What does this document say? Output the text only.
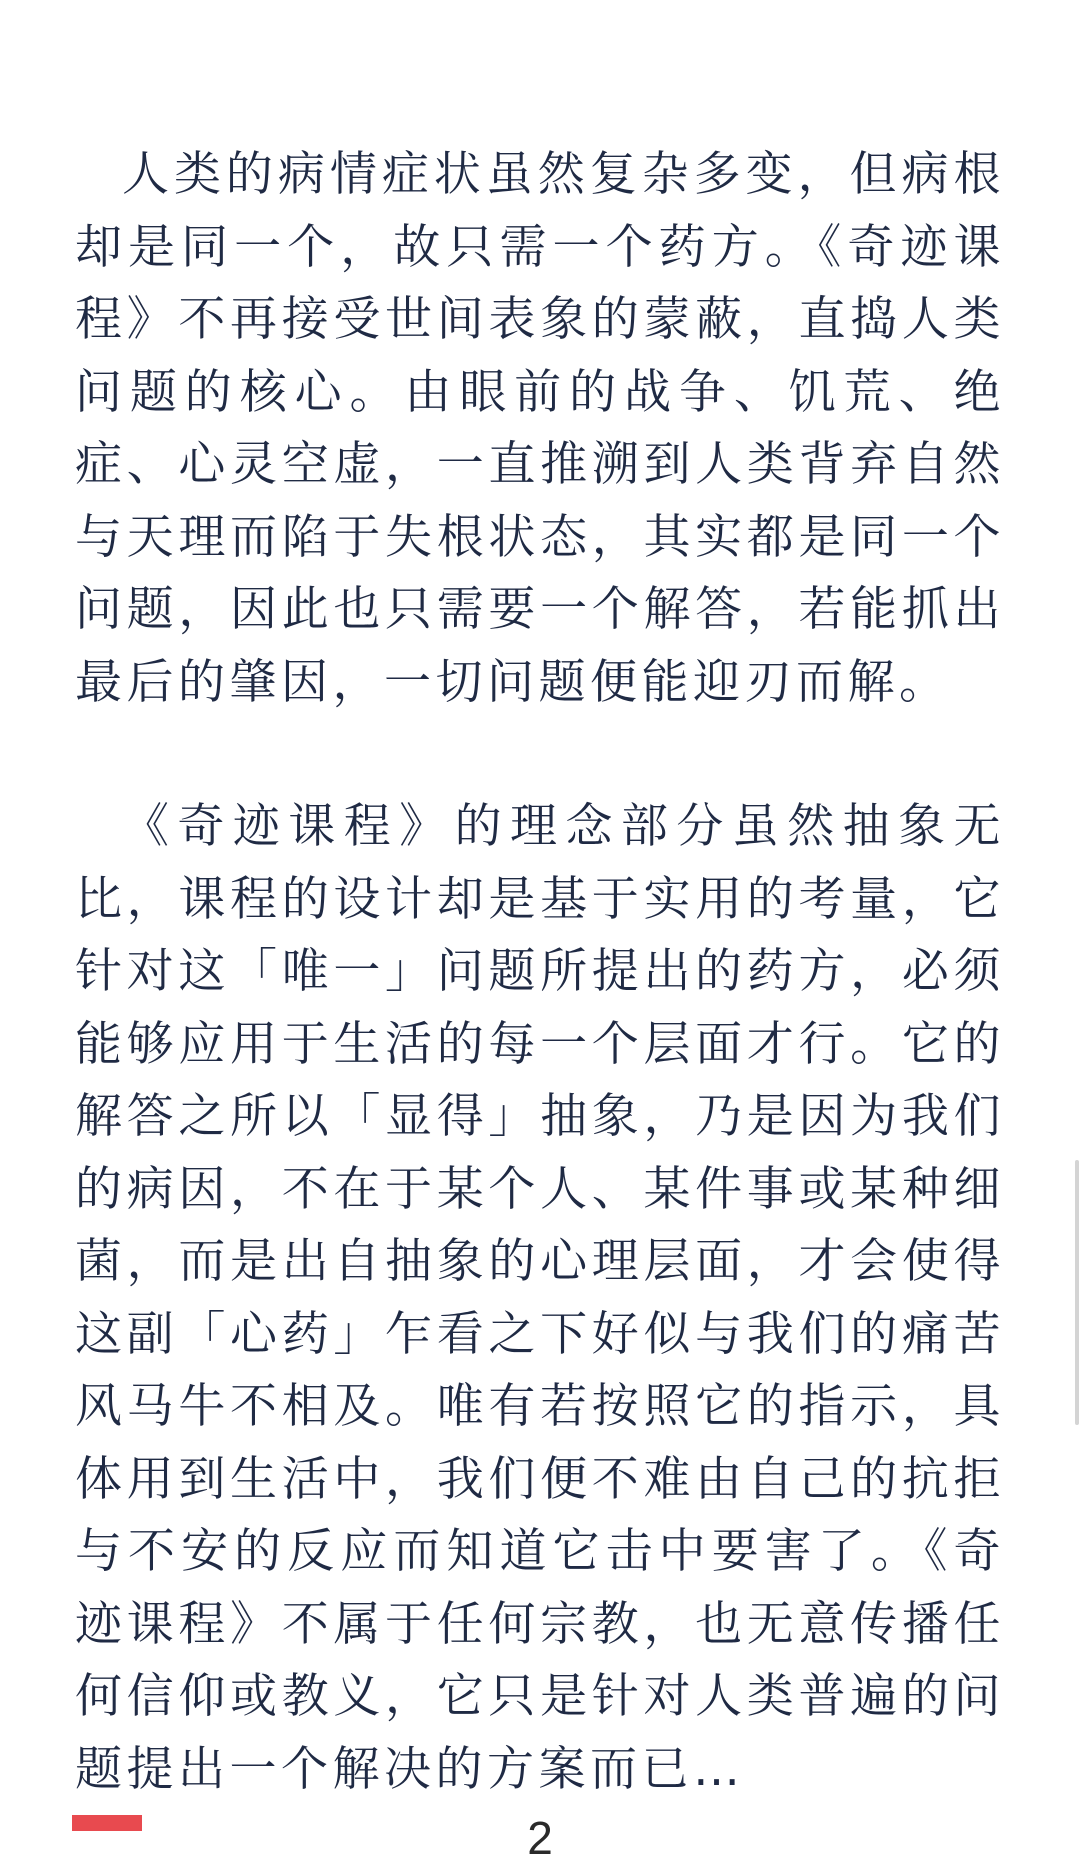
人类的病情症状虽然复杂多变，但病根却是同一个，故只需一个药方。《奇迹课程》不再接受世间表象的蒙蔽，直捣人类问题的核心。由眼前的战争、饥荒、绝症、心灵空虚，一直推溯到人类背弃自然与天理而陷于失根状态，其实都是同一个问题，因此也只需要一个解答，若能抓出最后的肇因，一切问题便能迎刃而解。

《奇迹课程》的理念部分虽然抽象无比，课程的设计却是基于实用的考量，它针对这「唯一」问题所提出的药方，必须能够应用于生活的每一个层面才行。它的解答之所以「显得」抽象，乃是因为我们的病因，不在于某个人、某件事或某种细菌，而是出自抽象的心理层面，才会使得这副「心药」乍看之下好似与我们的痛苦风马牛不相及。唯有若按照它的指示，具体用到生活中，我们便不难由自己的抗拒与不安的反应而知道它击中要害了。《奇迹课程》不属于任何宗教，也无意传播任何信仰或教义，它只是针对人类普遍的问题提出一个解决的方案而已…

2
